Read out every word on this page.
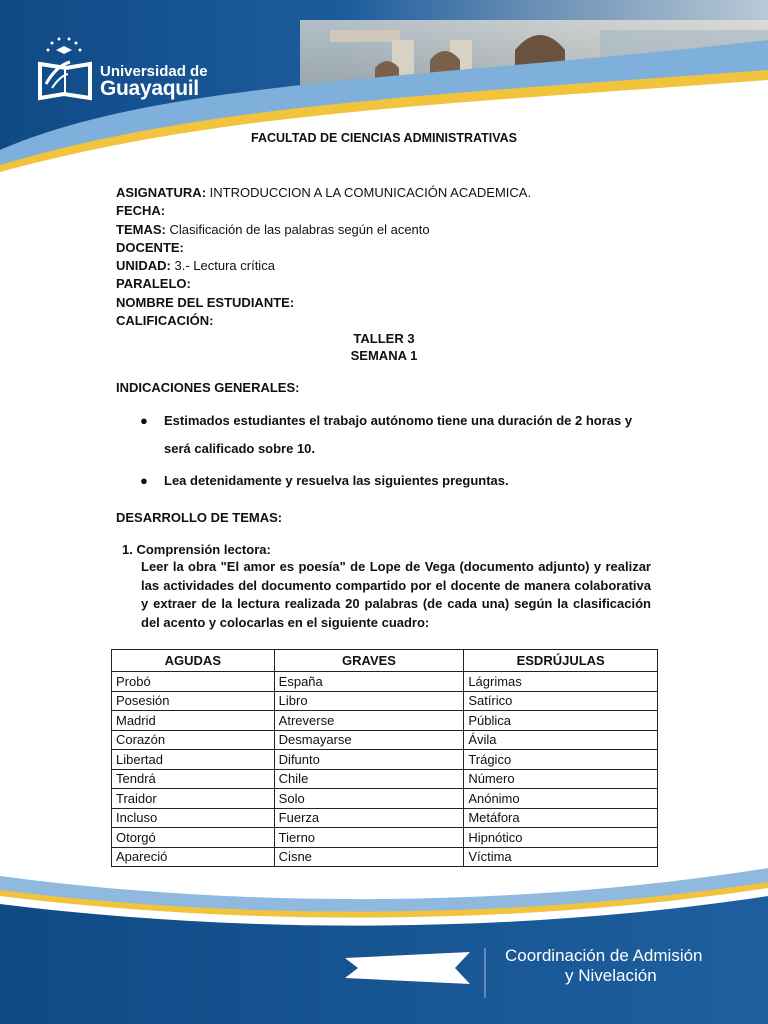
Universidad de
Guayaquil
FACULTAD DE CIENCIAS ADMINISTRATIVAS
ASIGNATURA: INTRODUCCION A LA COMUNICACIÓN ACADEMICA.
FECHA:
TEMAS: Clasificación de las palabras según el acento
DOCENTE:
UNIDAD: 3.- Lectura crítica
PARALELO:
NOMBRE DEL ESTUDIANTE:
CALIFICACIÓN:
TALLER 3
SEMANA 1
INDICACIONES GENERALES:
● Estimados estudiantes el trabajo autónomo tiene una duración de 2 horas y
será calificado sobre 10.
● Lea detenidamente y resuelva las siguientes preguntas.
DESARROLLO DE TEMAS:
1. Comprensión lectora:
Leer la obra "El amor es poesía" de Lope de Vega (documento adjunto) y realizar las actividades del documento compartido por el docente de manera colaborativa y extraer de la lectura realizada 20 palabras (de cada una) según la clasificación del acento y colocarlas en el siguiente cuadro:
AGUDAS	GRAVES	ESDRÚJULAS
Probó	España	Lágrimas
Posesión	Libro	Satírico
Madrid	Atreverse	Pública
Corazón	Desmayarse	Ávila
Libertad	Difunto	Trágico
Tendrá	Chile	Número
Traidor	Solo	Anónimo
Incluso	Fuerza	Metáfora
Otorgó	Tierno	Hipnótico
Apareció	Cisne	Víctima
Coordinación de Admisión
y Nivelación
